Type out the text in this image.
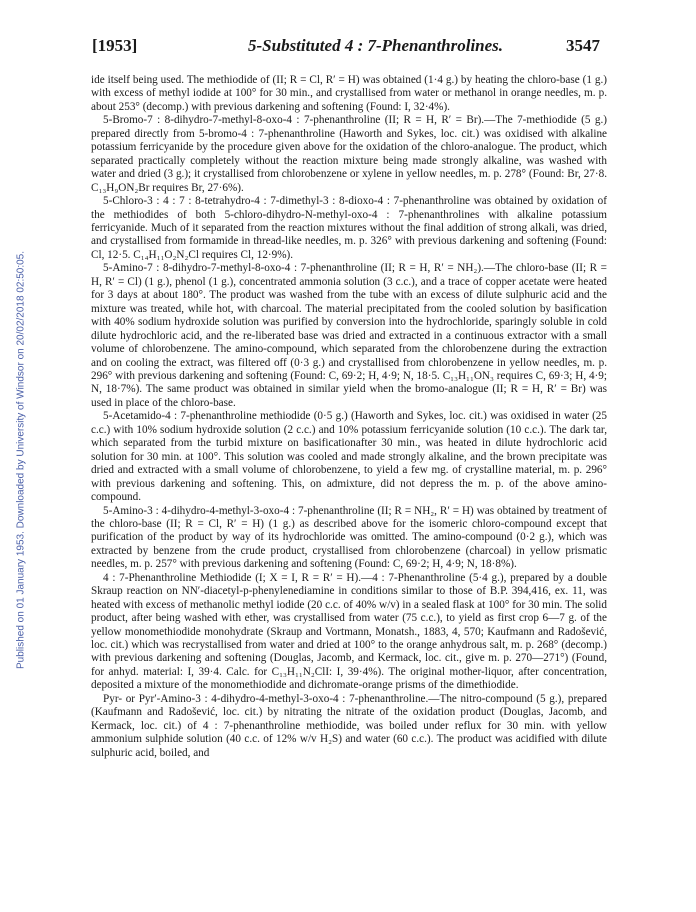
Published on 01 January 1953. Downloaded by University of Windsor on 20/02/2018 02:50:05.
[1953]	5-Substituted 4 : 7-Phenanthrolines.	3547

ide itself being used. The methiodide of (II; R = Cl, R′ = H) was obtained (1·4 g.) by heating the chloro-base (1 g.) with excess of methyl iodide at 100° for 30 min., and crystallised from water or methanol in orange needles, m. p. about 253° (decomp.) with previous darkening and softening (Found: I, 32·4%).

5-Bromo-7 : 8-dihydro-7-methyl-8-oxo-4 : 7-phenanthroline (II; R = H, R′ = Br).—The 7-methiodide (5 g.) prepared directly from 5-bromo-4 : 7-phenanthroline (Haworth and Sykes, loc. cit.) was oxidised with alkaline potassium ferricyanide by the procedure given above for the oxidation of the chloro-analogue. The product, which separated practically completely without the reaction mixture being made strongly alkaline, was washed with water and dried (3 g.); it crystallised from chlorobenzene or xylene in yellow needles, m. p. 278° (Found: Br, 27·8. C₁₃H₉ON₂Br requires Br, 27·6%).

5-Chloro-3 : 4 : 7 : 8-tetrahydro-4 : 7-dimethyl-3 : 8-dioxo-4 : 7-phenanthroline was obtained by oxidation of the methiodides of both 5-chloro-dihydro-N-methyl-oxo-4 : 7-phenanthrolines with alkaline potassium ferricyanide. Much of it separated from the reaction mixtures without the final addition of strong alkali, was dried, and crystallised from formamide in thread-like needles, m. p. 326° with previous darkening and softening (Found: Cl, 12·5. C₁₄H₁₁O₂N₂Cl requires Cl, 12·9%).

5-Amino-7 : 8-dihydro-7-methyl-8-oxo-4 : 7-phenanthroline (II; R = H, R′ = NH₂).—The chloro-base (II; R = H, R′ = Cl) (1 g.), phenol (1 g.), concentrated ammonia solution (3 c.c.), and a trace of copper acetate were heated for 3 days at about 180°. The product was washed from the tube with an excess of dilute sulphuric acid and the mixture was treated, while hot, with charcoal. The material precipitated from the cooled solution by basification with 40% sodium hydroxide solution was purified by conversion into the hydrochloride, sparingly soluble in cold dilute hydrochloric acid, and the re-liberated base was dried and extracted in a continuous extractor with a small volume of chlorobenzene. The amino-compound, which separated from the chlorobenzene during the extraction and on cooling the extract, was filtered off (0·3 g.) and crystallised from chlorobenzene in yellow needles, m. p. 296° with previous darkening and softening (Found: C, 69·2; H, 4·9; N, 18·5. C₁₃H₁₁ON₃ requires C, 69·3; H, 4·9; N, 18·7%). The same product was obtained in similar yield when the bromo-analogue (II; R = H, R′ = Br) was used in place of the chloro-base.

5-Acetamido-4 : 7-phenanthroline methiodide (0·5 g.) (Haworth and Sykes, loc. cit.) was oxidised in water (25 c.c.) with 10% sodium hydroxide solution (2 c.c.) and 10% potassium ferricyanide solution (10 c.c.). The dark tar, which separated from the turbid mixture on basificationafter 30 min., was heated in dilute hydrochloric acid solution for 30 min. at 100°. This solution was cooled and made strongly alkaline, and the brown precipitate was dried and extracted with a small volume of chlorobenzene, to yield a few mg. of crystalline material, m. p. 296° with previous darkening and softening. This, on admixture, did not depress the m. p. of the above amino-compound.

5-Amino-3 : 4-dihydro-4-methyl-3-oxo-4 : 7-phenanthroline (II; R = NH₂, R′ = H) was obtained by treatment of the chloro-base (II; R = Cl, R′ = H) (1 g.) as described above for the isomeric chloro-compound except that purification of the product by way of its hydrochloride was omitted. The amino-compound (0·2 g.), which was extracted by benzene from the crude product, crystallised from chlorobenzene (charcoal) in yellow prismatic needles, m. p. 257° with previous darkening and softening (Found: C, 69·2; H, 4·9; N, 18·8%).

4 : 7-Phenanthroline Methiodide (I; X = I, R = R′ = H).—4 : 7-Phenanthroline (5·4 g.), prepared by a double Skraup reaction on NN′-diacetyl-p-phenylenediamine in conditions similar to those of B.P. 394,416, ex. 11, was heated with excess of methanolic methyl iodide (20 c.c. of 40% w/v) in a sealed flask at 100° for 30 min. The solid product, after being washed with ether, was crystallised from water (75 c.c.), to yield as first crop 6—7 g. of the yellow monomethiodide monohydrate (Skraup and Vortmann, Monatsh., 1883, 4, 570; Kaufmann and Radošević, loc. cit.) which was recrystallised from water and dried at 100° to the orange anhydrous salt, m. p. 268° (decomp.) with previous darkening and softening (Douglas, Jacomb, and Kermack, loc. cit., give m. p. 270—271°) (Found, for anhyd. material: I, 39·4. Calc. for C₁₃H₁₁N₂ClI: I, 39·4%). The original mother-liquor, after concentration, deposited a mixture of the monomethiodide and dichromate-orange prisms of the dimethiodide.

Pyr- or Pyr′-Amino-3 : 4-dihydro-4-methyl-3-oxo-4 : 7-phenanthroline.—The nitro-compound (5 g.), prepared (Kaufmann and Radošević, loc. cit.) by nitrating the nitrate of the oxidation product (Douglas, Jacomb, and Kermack, loc. cit.) of 4 : 7-phenanthroline methiodide, was boiled under reflux for 30 min. with yellow ammonium sulphide solution (40 c.c. of 12% w/v H₂S) and water (60 c.c.). The product was acidified with dilute sulphuric acid, boiled, and
